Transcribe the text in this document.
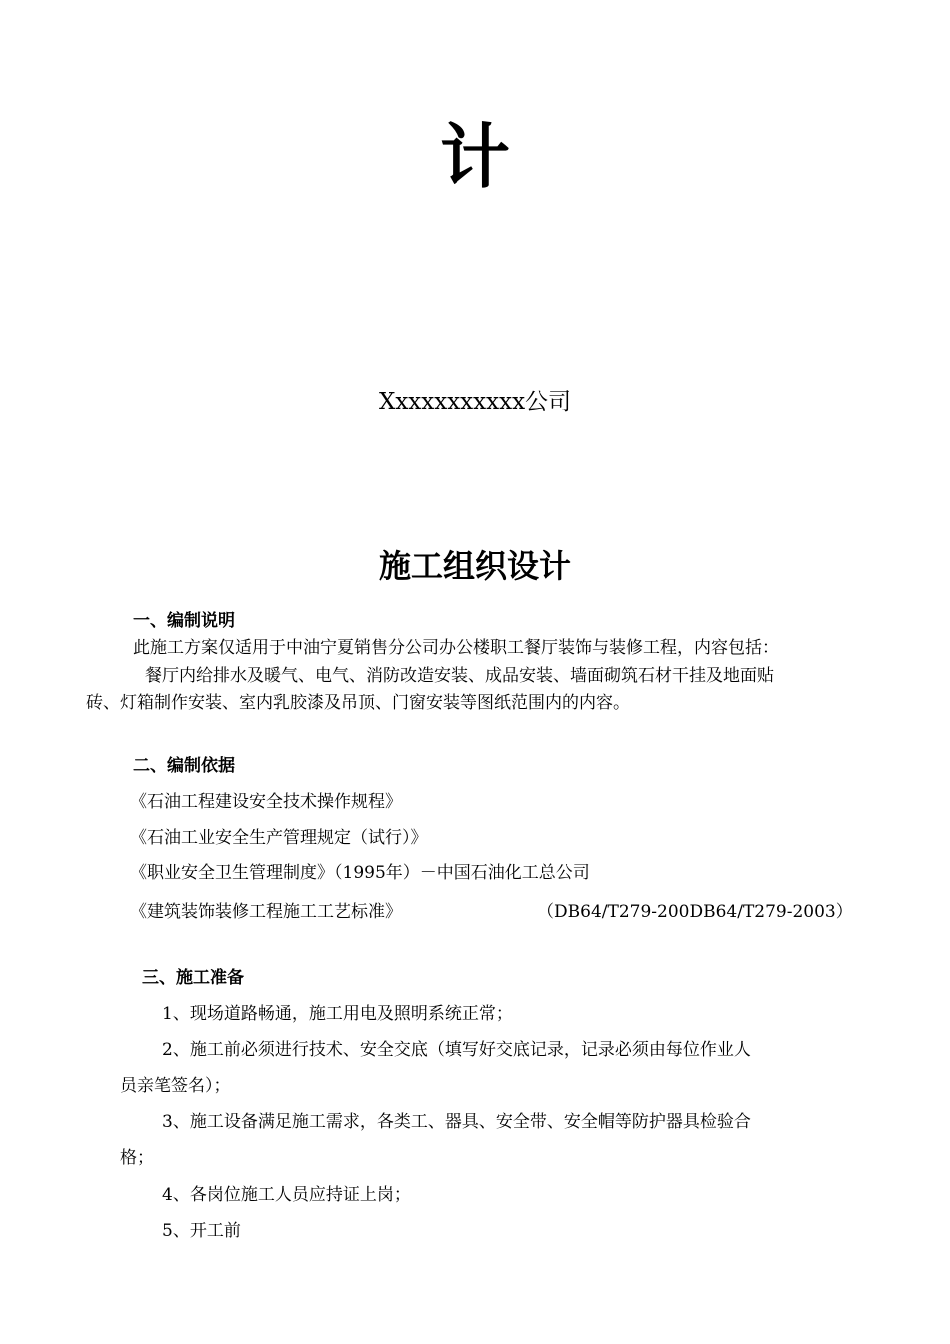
计
Xxxxxxxxxxx公司
施工组织设计
一、编制说明
此施工方案仅适用于中油宁夏销售分公司办公楼职工餐厅装饰与装修工程，内容包括：
餐厅内给排水及暖气、电气、消防改造安装、成品安装、墙面砌筑石材干挂及地面贴
砖、灯箱制作安装、室内乳胶漆及吊顶、门窗安装等图纸范围内的内容。
二、编制依据
《石油工程建设安全技术操作规程》
《石油工业安全生产管理规定（试行）》
《职业安全卫生管理制度》（1995年）－中国石油化工总公司
《建筑装饰装修工程施工工艺标准》	（DB64/T279-200DB64/T279-2003）
三、施工准备
1、现场道路畅通，施工用电及照明系统正常；
2、施工前必须进行技术、安全交底（填写好交底记录，记录必须由每位作业人
员亲笔签名）；
3、施工设备满足施工需求，各类工、器具、安全带、安全帽等防护器具检验合
格；
4、各岗位施工人员应持证上岗；
5、开工前
